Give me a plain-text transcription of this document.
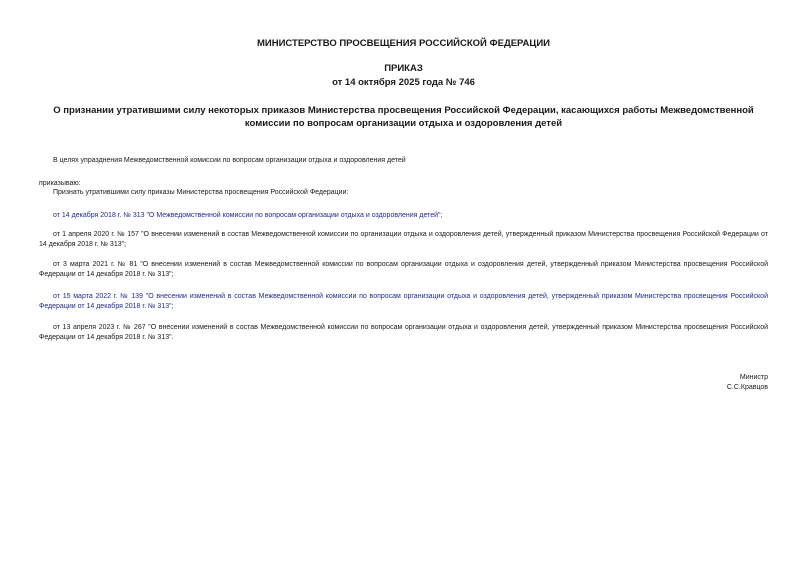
МИНИСТЕРСТВО ПРОСВЕЩЕНИЯ РОССИЙСКОЙ ФЕДЕРАЦИИ
ПРИКАЗ
от 14 октября 2025 года № 746
О признании утратившими силу некоторых приказов Министерства просвещения Российской Федерации, касающихся работы Межведомственной комиссии по вопросам организации отдыха и оздоровления детей
В целях упразднения Межведомственной комиссии по вопросам организации отдыха и оздоровления детей
приказываю:
Признать утратившими силу приказы Министерства просвещения Российской Федерации:
от 14 декабря 2018 г. № 313 "О Межведомственной комиссии по вопросам организации отдыха и оздоровления детей";
от 1 апреля 2020 г. № 157 "О внесении изменений в состав Межведомственной комиссии по организации отдыха и оздоровления детей, утвержденный приказом Министерства просвещения Российской Федерации от 14 декабря 2018 г. № 313";
от 3 марта 2021 г. № 81 "О внесении изменений в состав Межведомственной комиссии по вопросам организации отдыха и оздоровления детей, утвержденный приказом Министерства просвещения Российской Федерации от 14 декабря 2018 г. № 313";
от 15 марта 2022 г. № 139 "О внесении изменений в состав Межведомственной комиссии по вопросам организации отдыха и оздоровления детей, утвержденный приказом Министерства просвещения Российской Федерации от 14 декабря 2018 г. № 313";
от 13 апреля 2023 г. № 267 "О внесении изменений в состав Межведомственной комиссии по вопросам организации отдыха и оздоровления детей, утвержденный приказом Министерства просвещения Российской Федерации от 14 декабря 2018 г. № 313".
Министр
С.С.Кравцов
